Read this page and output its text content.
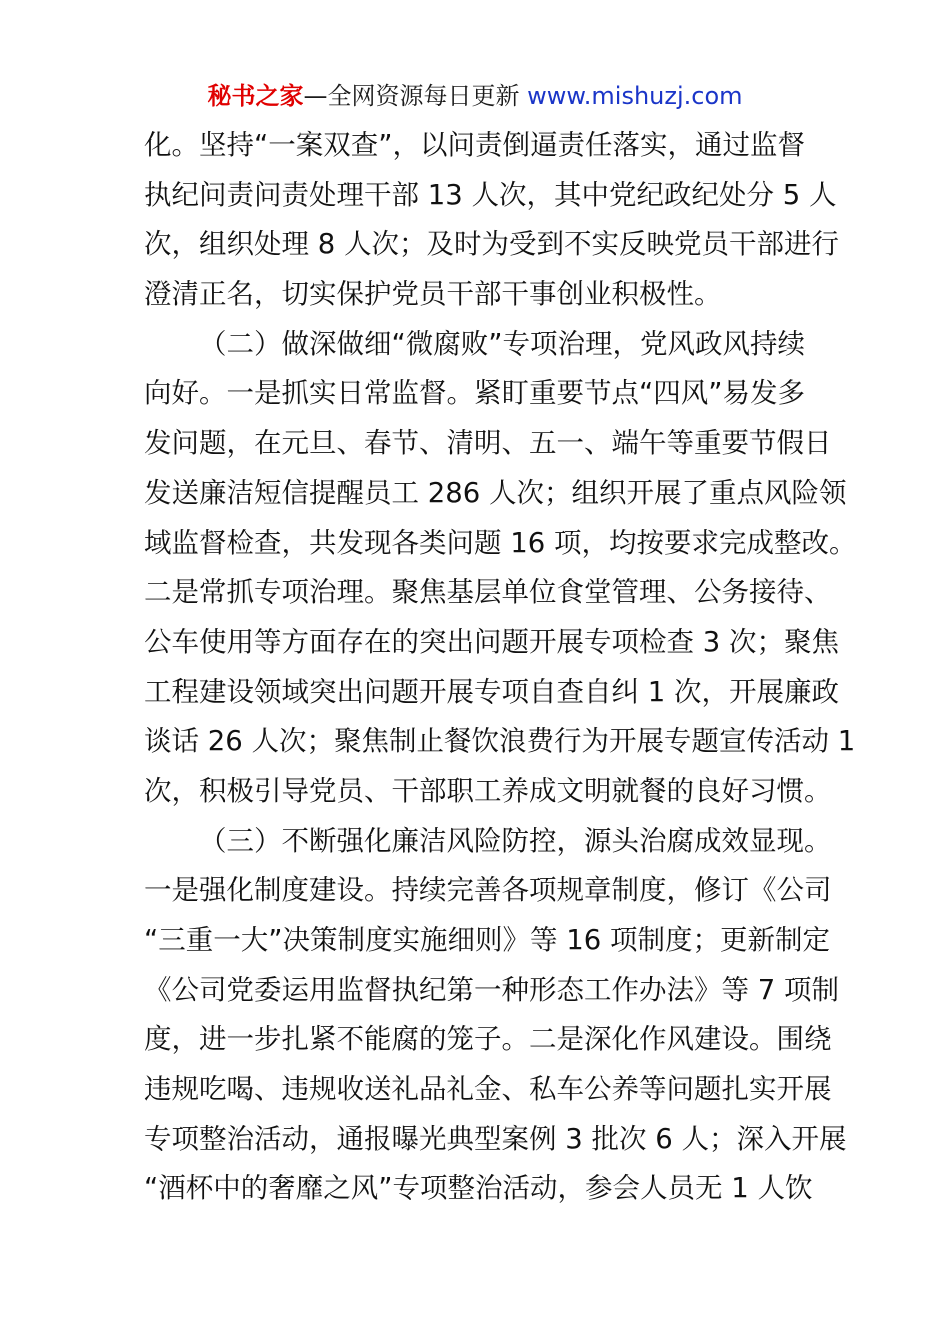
秘书之家—全网资源每日更新 www.mishuzj.com
化。坚持“一案双查”，以问责倒逼责任落实，通过监督
执纪问责问责处理干部 13 人次，其中党纪政纪处分 5 人
次，组织处理 8 人次；及时为受到不实反映党员干部进行
澄清正名，切实保护党员干部干事创业积极性。
（二）做深做细“微腐败”专项治理，党风政风持续
向好。一是抓实日常监督。紧盯重要节点“四风”易发多
发问题，在元旦、春节、清明、五一、端午等重要节假日
发送廉洁短信提醒员工 286 人次；组织开展了重点风险领
域监督检查，共发现各类问题 16 项，均按要求完成整改。
二是常抓专项治理。聚焦基层单位食堂管理、公务接待、
公车使用等方面存在的突出问题开展专项检查 3 次；聚焦
工程建设领域突出问题开展专项自查自纠 1 次，开展廉政
谈话 26 人次；聚焦制止餐饮浪费行为开展专题宣传活动 1
次，积极引导党员、干部职工养成文明就餐的良好习惯。
（三）不断强化廉洁风险防控，源头治腐成效显现。
一是强化制度建设。持续完善各项规章制度，修订《公司
“三重一大”决策制度实施细则》等 16 项制度；更新制定
《公司党委运用监督执纪第一种形态工作办法》等 7 项制
度，进一步扎紧不能腐的笼子。二是深化作风建设。围绕
违规吃喝、违规收送礼品礼金、私车公养等问题扎实开展
专项整治活动，通报曝光典型案例 3 批次 6 人；深入开展
“酒杯中的奢靡之风”专项整治活动，参会人员无 1 人饮
